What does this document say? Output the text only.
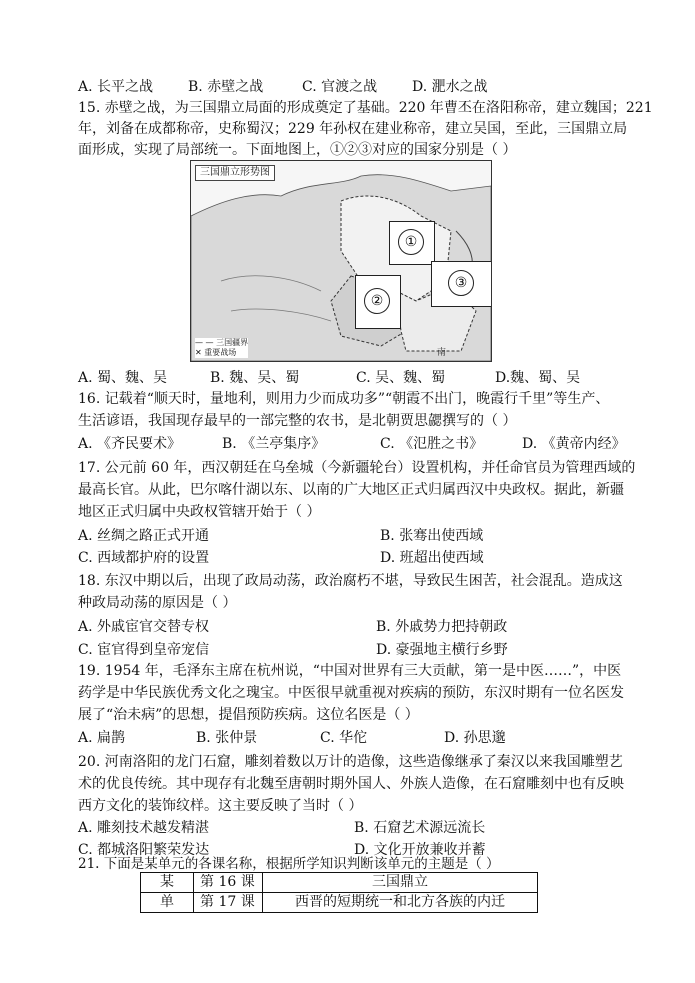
A. 长平之战 B. 赤壁之战	C. 官渡之战 D. 淝水之战
15. 赤壁之战，为三国鼎立局面的形成奠定了基础。220 年曹丕在洛阳称帝，建立魏国；221
年，刘备在成都称帝，史称蜀汉；229 年孙权在建业称帝，建立吴国，至此，三国鼎立局
面形成，实现了局部统一。下面地图上，①②③对应的国家分别是（ ）
南
三国鼎立形势图
— — 三国疆界
✕ 重要战场
①
②
③
A. 蜀、魏、吴	B. 魏、吴、蜀	C. 吴、魏、蜀	D.魏、蜀、吴
16. 记载着“顺天时，量地利，则用力少而成功多”“朝霞不出门，晚霞行千里”等生产、
生活谚语，我国现存最早的一部完整的农书，是北朝贾思勰撰写的（ ）
A. 《齐民要术》	B. 《兰亭集序》	C. 《氾胜之书》	D. 《黄帝内经》
17. 公元前 60 年，西汉朝廷在乌垒城（今新疆轮台）设置机构，并任命官员为管理西域的
最高长官。从此，巴尔喀什湖以东、以南的广大地区正式归属西汉中央政权。据此，新疆
地区正式归属中央政权管辖开始于（ ）
A. 丝绸之路正式开通	B. 张骞出使西域
C. 西域都护府的设置	D. 班超出使西域
18. 东汉中期以后，出现了政局动荡，政治腐朽不堪，导致民生困苦，社会混乱。造成这
种政局动荡的原因是（ ）
A. 外戚宦官交替专权	B. 外戚势力把持朝政
C. 宦官得到皇帝宠信	D. 豪强地主横行乡野
19. 1954 年，毛泽东主席在杭州说，“中国对世界有三大贡献，第一是中医……”，中医
药学是中华民族优秀文化之瑰宝。中医很早就重视对疾病的预防，东汉时期有一位名医发
展了“治未病”的思想，提倡预防疾病。这位名医是（ ）
A. 扁鹊	B. 张仲景	C. 华佗	D. 孙思邈
20. 河南洛阳的龙门石窟，雕刻着数以万计的造像，这些造像继承了秦汉以来我国雕塑艺
术的优良传统。其中现存有北魏至唐朝时期外国人、外族人造像，在石窟雕刻中也有反映
西方文化的装饰纹样。这主要反映了当时（ ）
A. 雕刻技术越发精湛	B. 石窟艺术源远流长
C. 都城洛阳繁荣发达	D. 文化开放兼收并蓄
21. 下面是某单元的各课名称，根据所学知识判断该单元的主题是（ ）
某	第 16 课	三国鼎立
单	第 17 课	西晋的短期统一和北方各族的内迁
